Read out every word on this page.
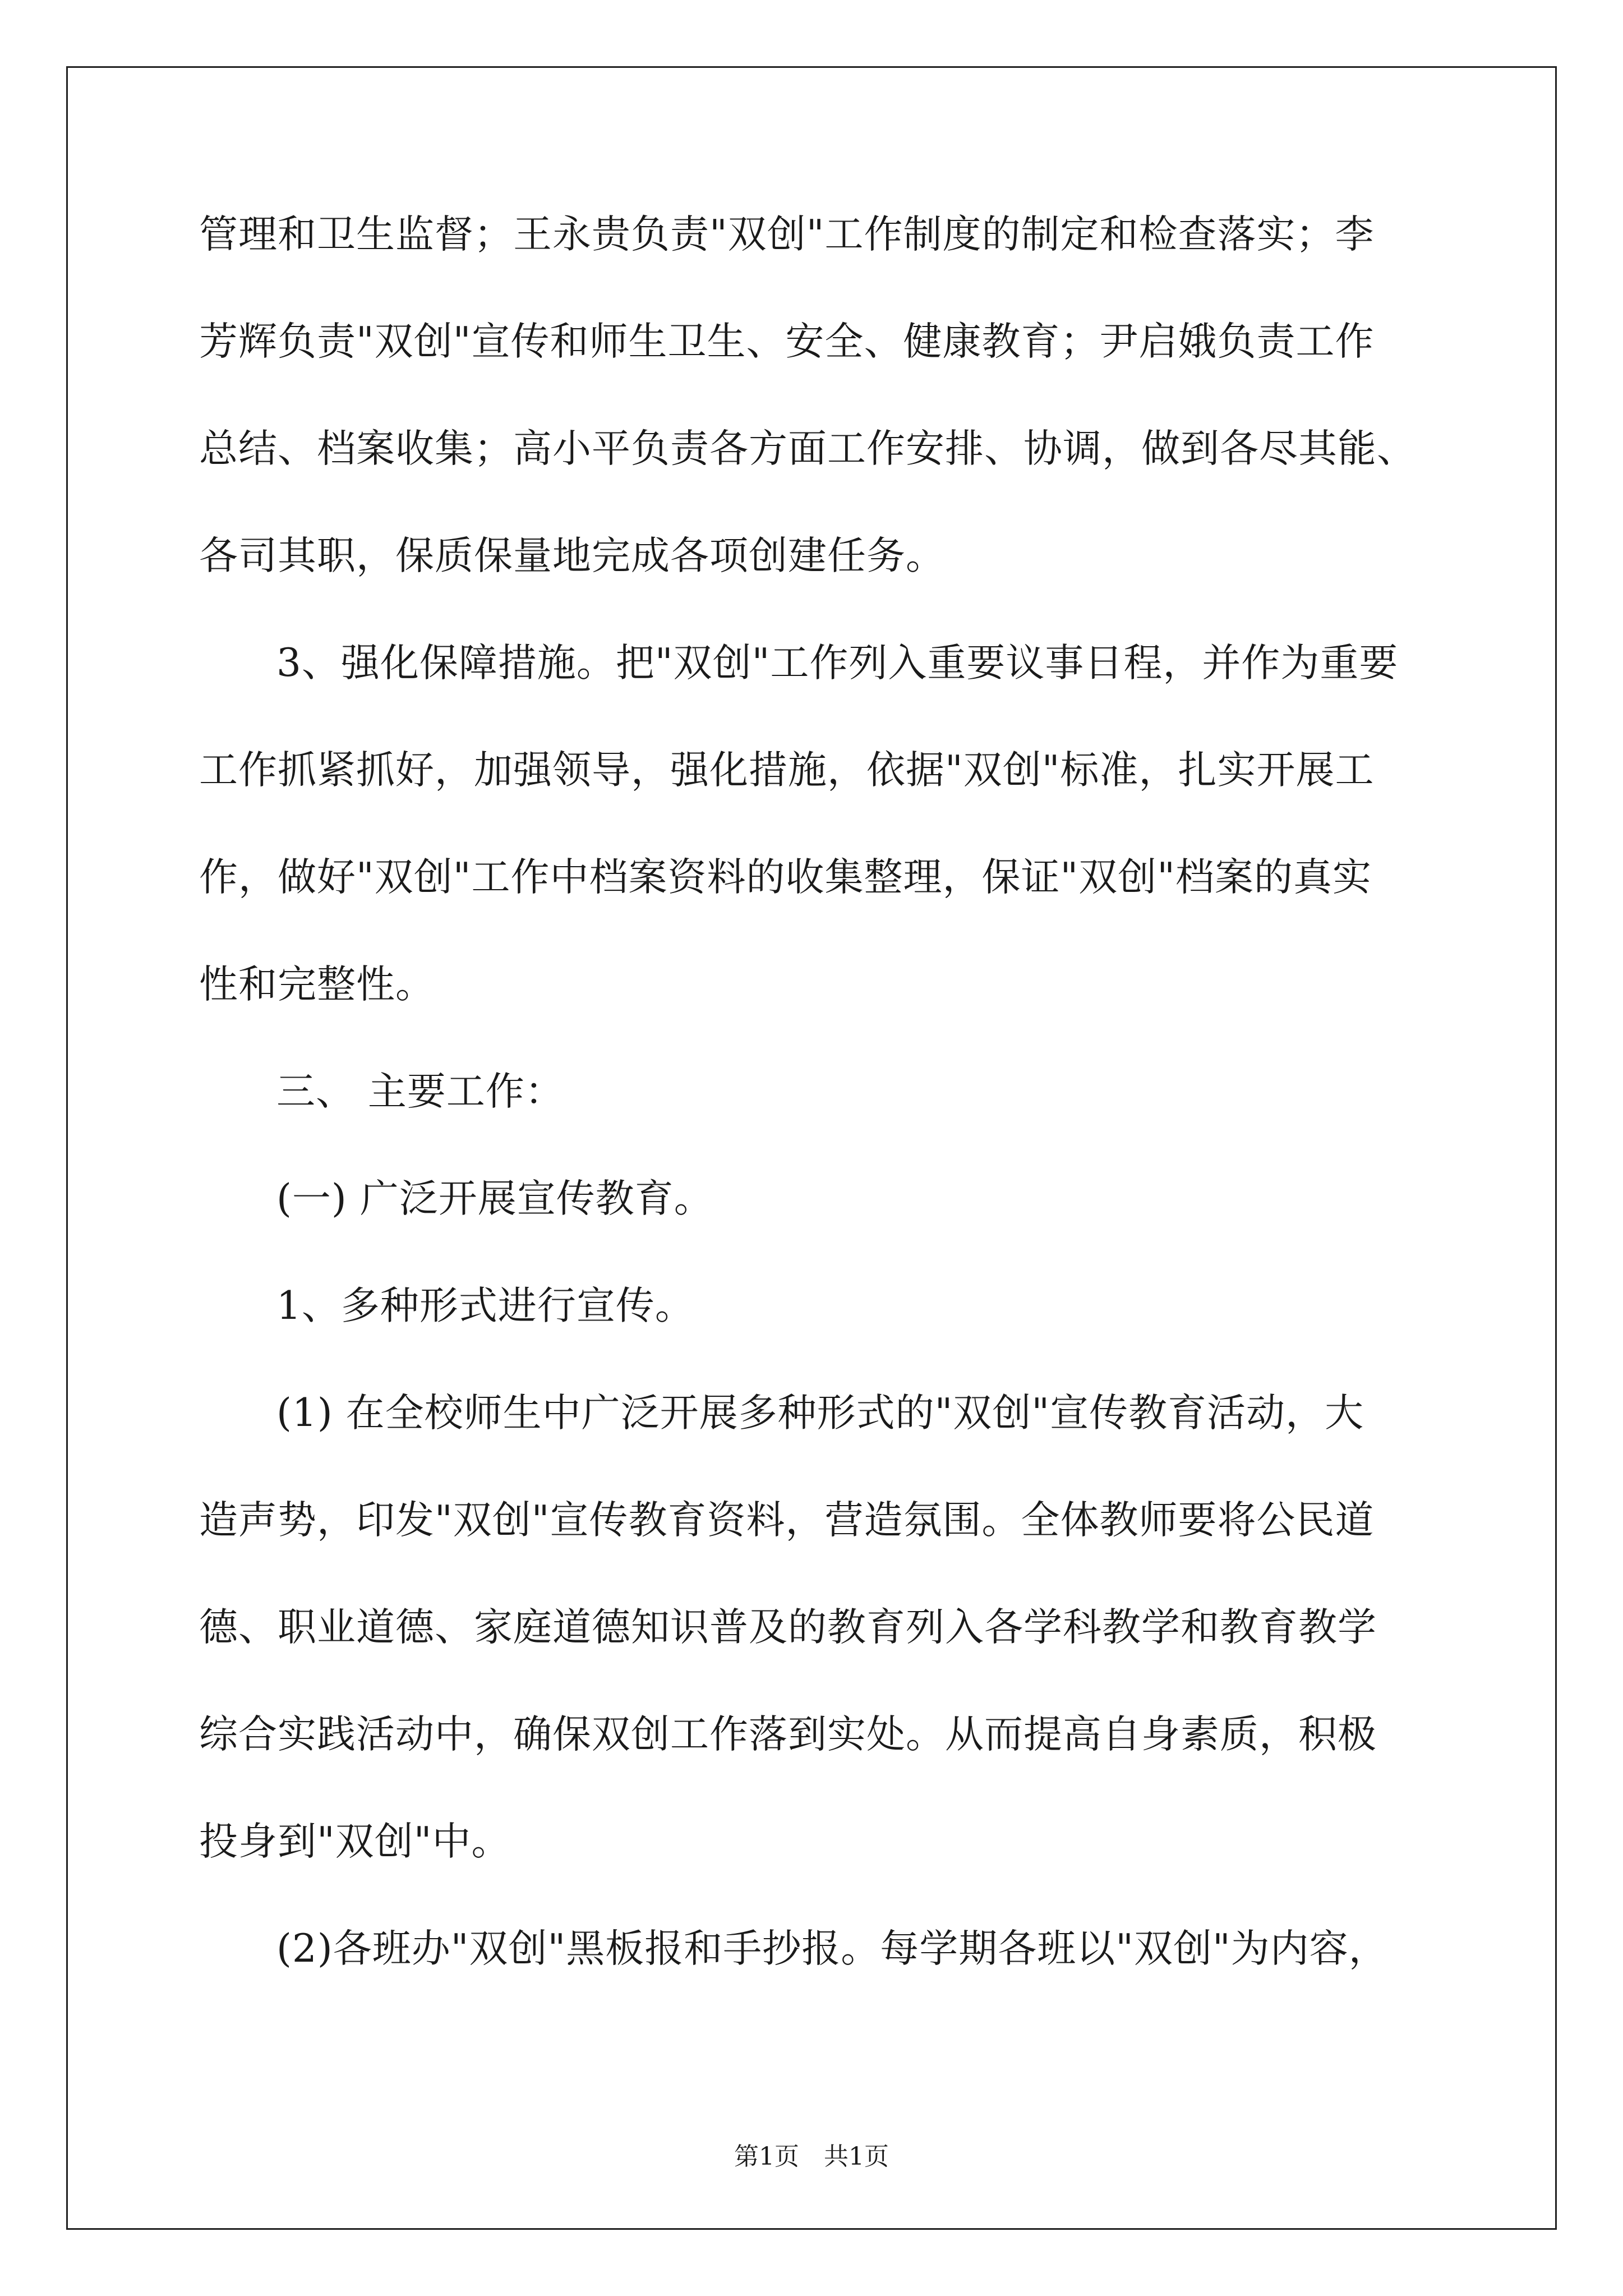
管理和卫生监督；王永贵负责"双创"工作制度的制定和检查落实；李
芳辉负责"双创"宣传和师生卫生、安全、健康教育；尹启娥负责工作
总结、档案收集；高小平负责各方面工作安排、协调，做到各尽其能、
各司其职，保质保量地完成各项创建任务。
3、强化保障措施。把"双创"工作列入重要议事日程，并作为重要
工作抓紧抓好，加强领导，强化措施，依据"双创"标准，扎实开展工
作，做好"双创"工作中档案资料的收集整理，保证"双创"档案的真实
性和完整性。
三、 主要工作：
(一) 广泛开展宣传教育。
1、多种形式进行宣传。
(1) 在全校师生中广泛开展多种形式的"双创"宣传教育活动，大
造声势，印发"双创"宣传教育资料，营造氛围。全体教师要将公民道
德、职业道德、家庭道德知识普及的教育列入各学科教学和教育教学
综合实践活动中，确保双创工作落到实处。从而提高自身素质，积极
投身到"双创"中。
(2)各班办"双创"黑板报和手抄报。每学期各班以"双创"为内容，
第1页　共1页
